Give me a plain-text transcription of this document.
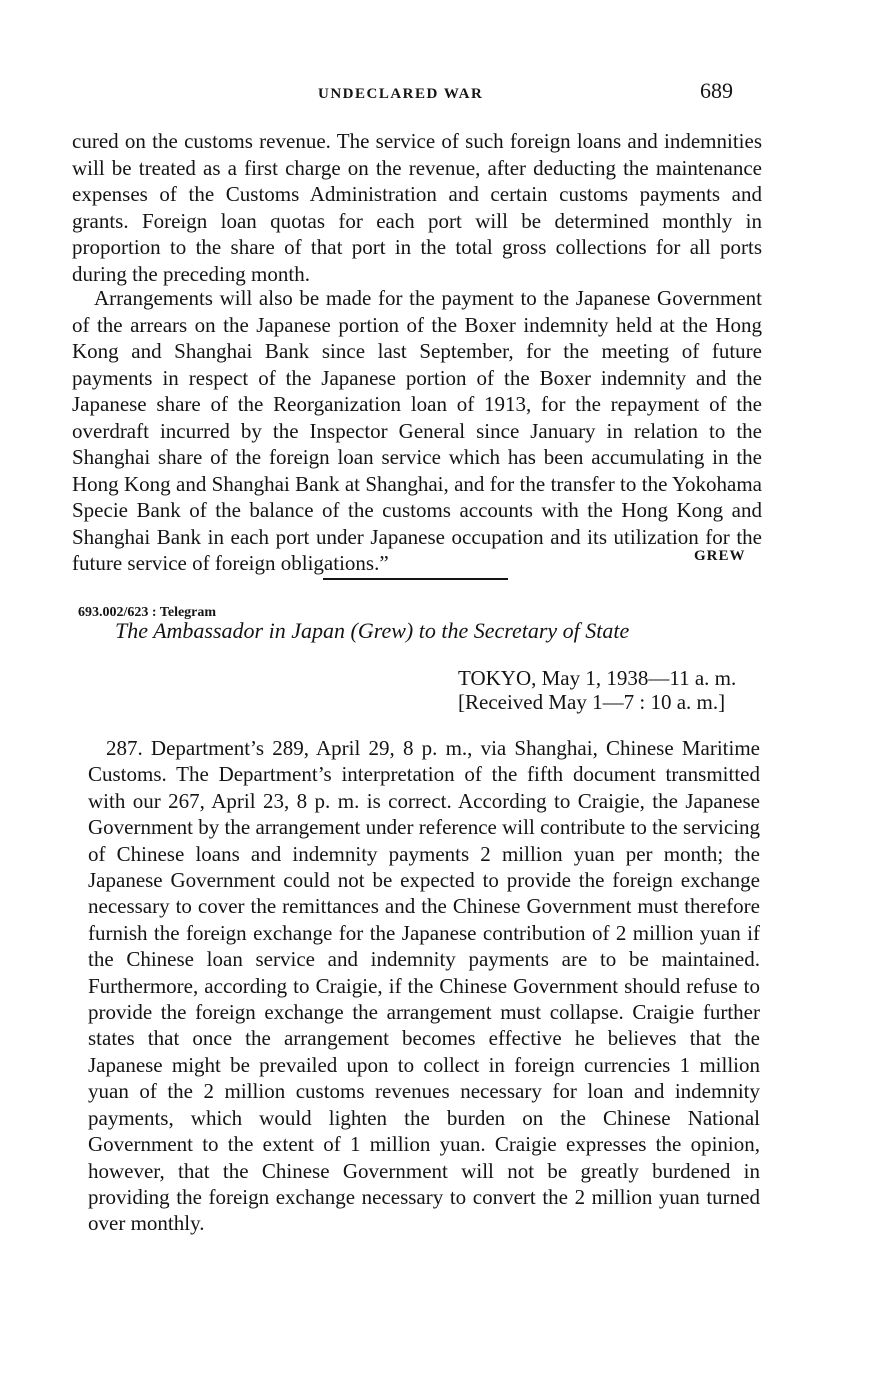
UNDECLARED WAR	689

cured on the customs revenue. The service of such foreign loans and indemnities will be treated as a first charge on the revenue, after deducting the maintenance expenses of the Customs Administration and certain customs payments and grants. Foreign loan quotas for each port will be determined monthly in proportion to the share of that port in the total gross collections for all ports during the preceding month.

Arrangements will also be made for the payment to the Japanese Government of the arrears on the Japanese portion of the Boxer indemnity held at the Hong Kong and Shanghai Bank since last September, for the meeting of future payments in respect of the Japanese portion of the Boxer indemnity and the Japanese share of the Reorganization loan of 1913, for the repayment of the overdraft incurred by the Inspector General since January in relation to the Shanghai share of the foreign loan service which has been accumulating in the Hong Kong and Shanghai Bank at Shanghai, and for the transfer to the Yokohama Specie Bank of the balance of the customs accounts with the Hong Kong and Shanghai Bank in each port under Japanese occupation and its utilization for the future service of foreign obligations.”	GREW
693.002/623 : Telegram
The Ambassador in Japan (Grew) to the Secretary of State
TOKYO, May 1, 1938—11 a. m.
[Received May 1—7 : 10 a. m.]

287. Department’s 289, April 29, 8 p. m., via Shanghai, Chinese Maritime Customs. The Department’s interpretation of the fifth document transmitted with our 267, April 23, 8 p. m. is correct. According to Craigie, the Japanese Government by the arrangement under reference will contribute to the servicing of Chinese loans and indemnity payments 2 million yuan per month; the Japanese Government could not be expected to provide the foreign exchange necessary to cover the remittances and the Chinese Government must therefore furnish the foreign exchange for the Japanese contribution of 2 million yuan if the Chinese loan service and indemnity payments are to be maintained. Furthermore, according to Craigie, if the Chinese Government should refuse to provide the foreign exchange the arrangement must collapse. Craigie further states that once the arrangement becomes effective he believes that the Japanese might be prevailed upon to collect in foreign currencies 1 million yuan of the 2 million customs revenues necessary for loan and indemnity payments, which would lighten the burden on the Chinese National Government to the extent of 1 million yuan. Craigie expresses the opinion, however, that the Chinese Government will not be greatly burdened in providing the foreign exchange necessary to convert the 2 million yuan turned over monthly.
